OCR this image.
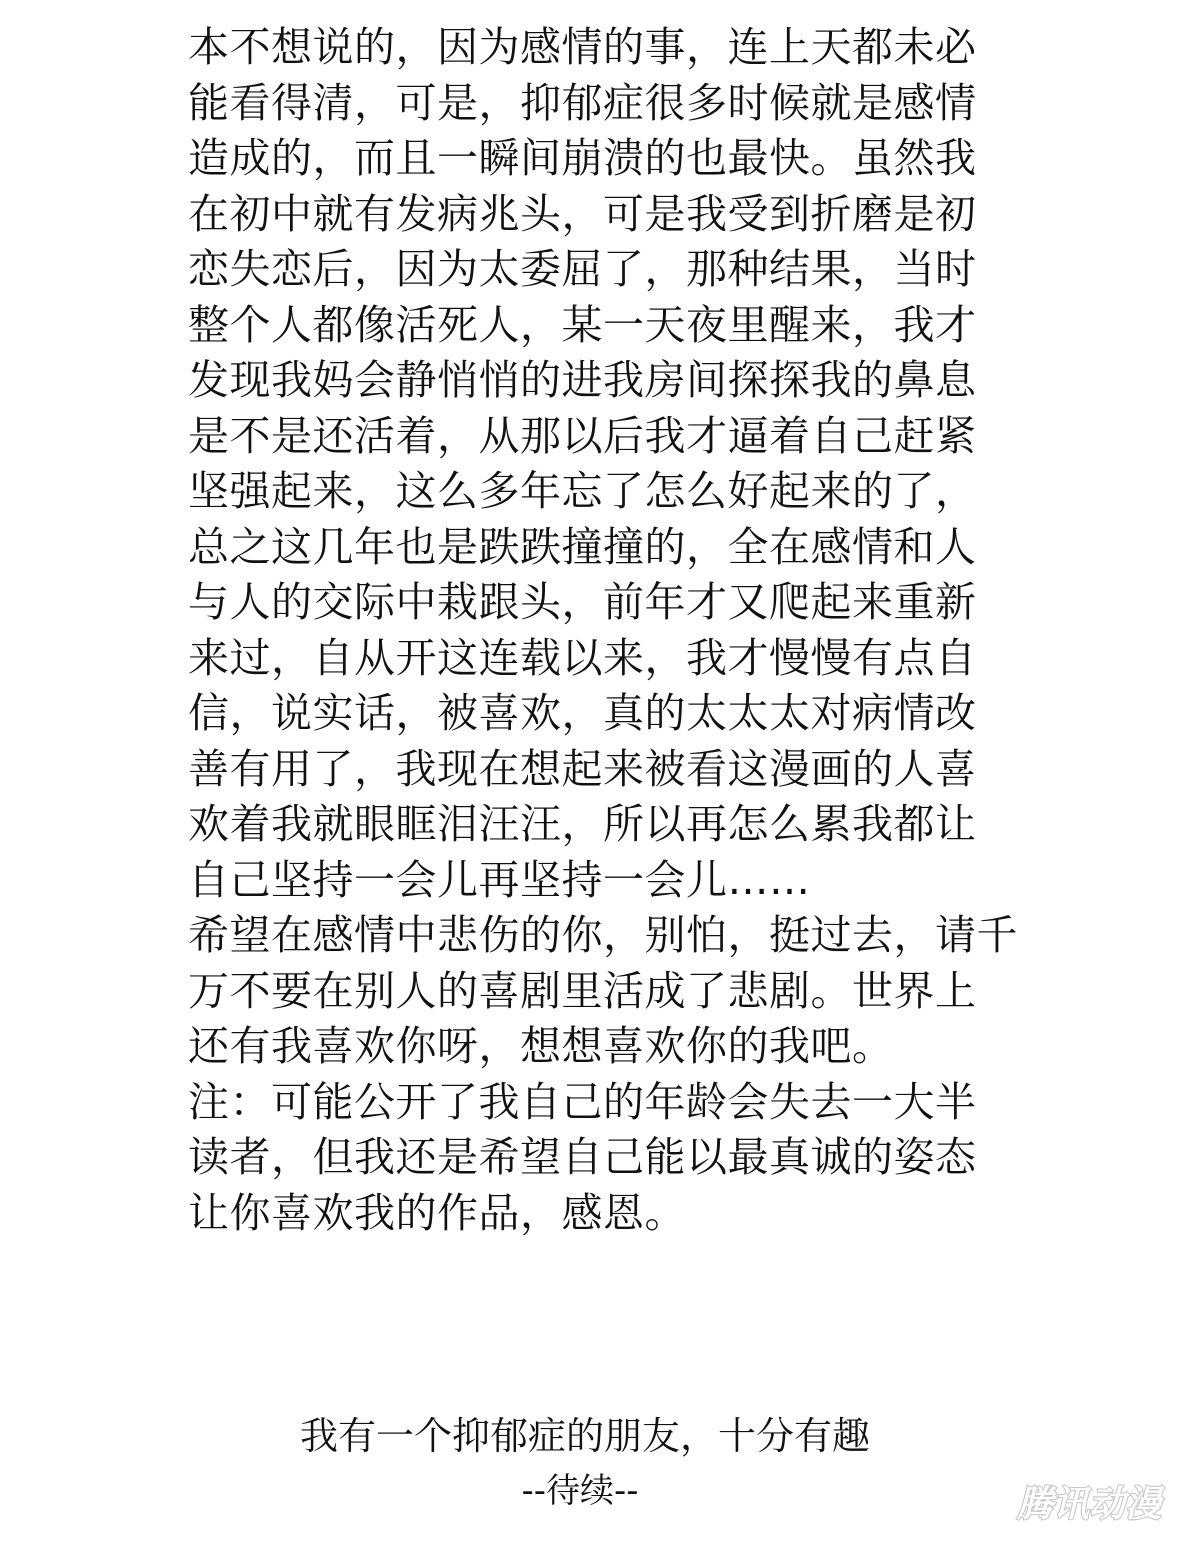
本不想说的，因为感情的事，连上天都未必
能看得清，可是，抑郁症很多时候就是感情
造成的，而且一瞬间崩溃的也最快。虽然我
在初中就有发病兆头，可是我受到折磨是初
恋失恋后，因为太委屈了，那种结果，当时
整个人都像活死人，某一天夜里醒来，我才
发现我妈会静悄悄的进我房间探探我的鼻息
是不是还活着，从那以后我才逼着自己赶紧
坚强起来，这么多年忘了怎么好起来的了，
总之这几年也是跌跌撞撞的，全在感情和人
与人的交际中栽跟头，前年才又爬起来重新
来过，自从开这连载以来，我才慢慢有点自
信，说实话，被喜欢，真的太太太对病情改
善有用了，我现在想起来被看这漫画的人喜
欢着我就眼眶泪汪汪，所以再怎么累我都让
自己坚持一会儿再坚持一会儿……
希望在感情中悲伤的你，别怕，挺过去，请千
万不要在别人的喜剧里活成了悲剧。世界上
还有我喜欢你呀，想想喜欢你的我吧。
注：可能公开了我自己的年龄会失去一大半
读者，但我还是希望自己能以最真诚的姿态
让你喜欢我的作品，感恩。
我有一个抑郁症的朋友，十分有趣
--待续--	腾讯动漫
